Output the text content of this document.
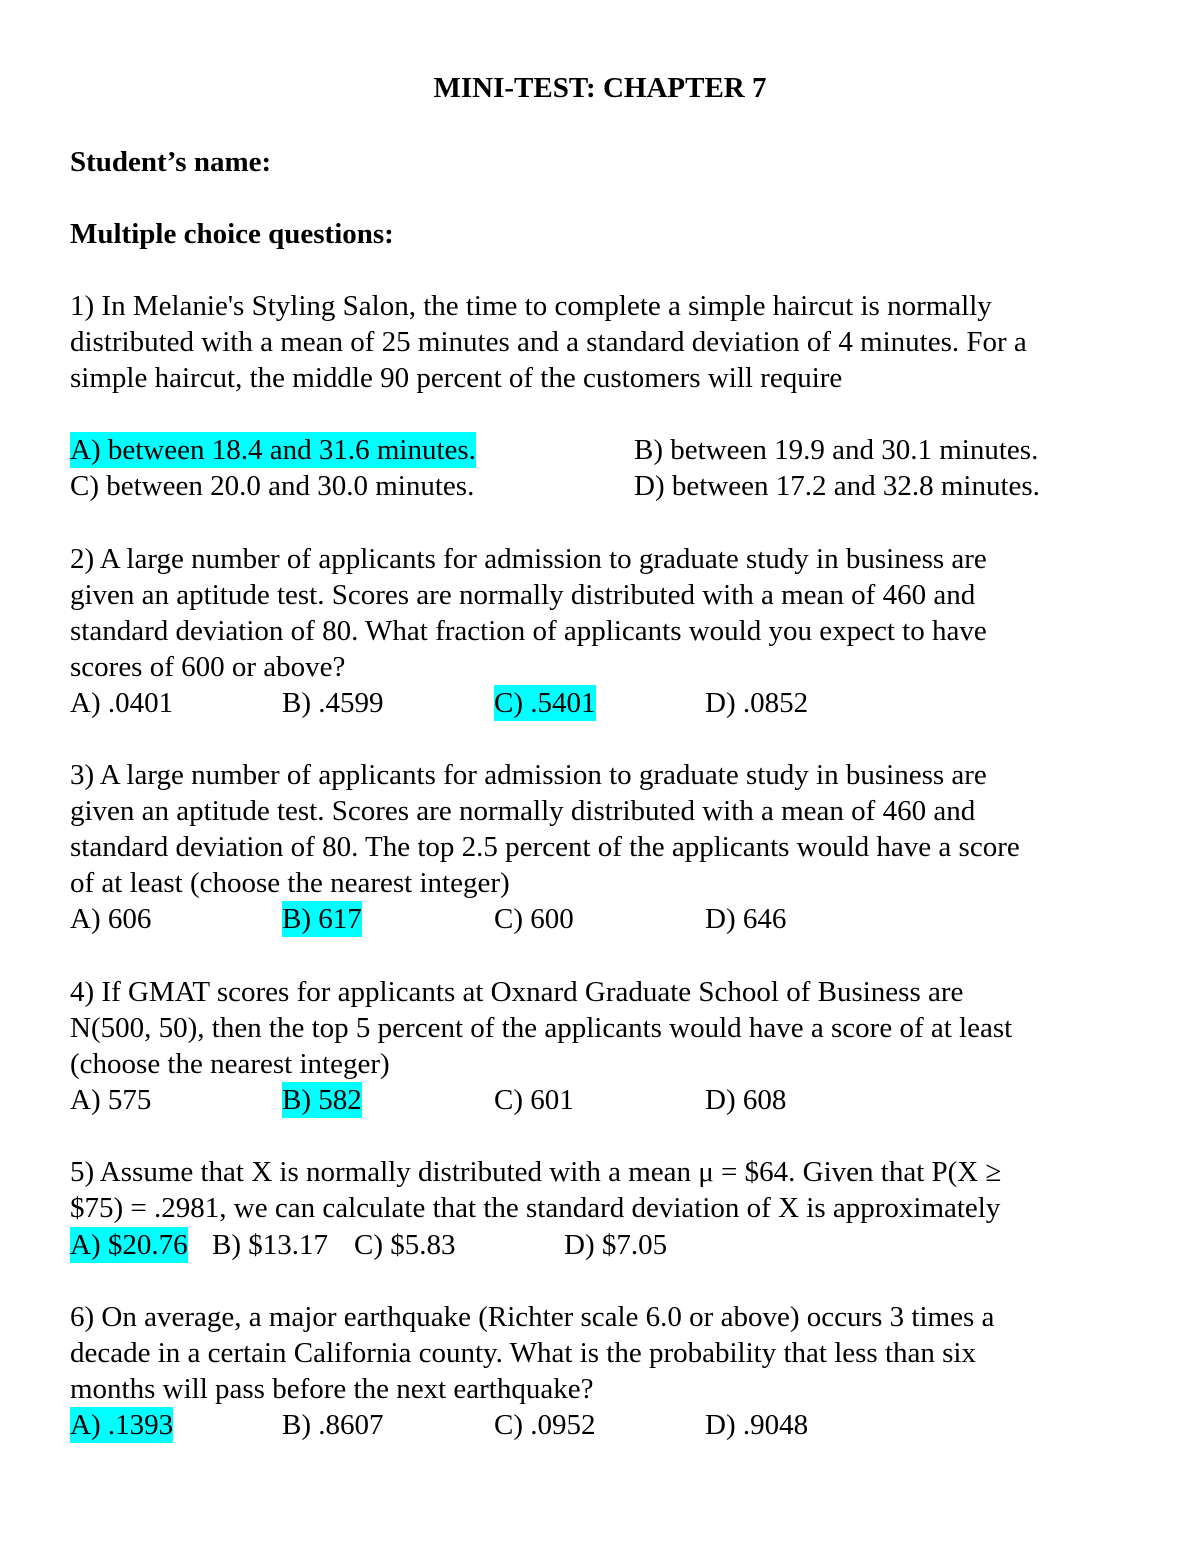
MINI-TEST: CHAPTER 7
Student’s name:
Multiple choice questions:
1) In Melanie's Styling Salon, the time to complete a simple haircut is normally
distributed with a mean of 25 minutes and a standard deviation of 4 minutes. For a
simple haircut, the middle 90 percent of the customers will require
A) between 18.4 and 31.6 minutes.	B) between 19.9 and 30.1 minutes.
C) between 20.0 and 30.0 minutes.	D) between 17.2 and 32.8 minutes.
2) A large number of applicants for admission to graduate study in business are
given an aptitude test. Scores are normally distributed with a mean of 460 and
standard deviation of 80. What fraction of applicants would you expect to have
scores of 600 or above?
A) .0401	B) .4599	C) .5401	D) .0852
3) A large number of applicants for admission to graduate study in business are
given an aptitude test. Scores are normally distributed with a mean of 460 and
standard deviation of 80. The top 2.5 percent of the applicants would have a score
of at least (choose the nearest integer)
A) 606	B) 617	C) 600	D) 646
4) If GMAT scores for applicants at Oxnard Graduate School of Business are
N(500, 50), then the top 5 percent of the applicants would have a score of at least
(choose the nearest integer)
A) 575	B) 582	C) 601	D) 608
5) Assume that X is normally distributed with a mean μ = $64. Given that P(X ≥
$75) = .2981, we can calculate that the standard deviation of X is approximately
A) $20.76 B) $13.17 C) $5.83	D) $7.05
6) On average, a major earthquake (Richter scale 6.0 or above) occurs 3 times a
decade in a certain California county. What is the probability that less than six
months will pass before the next earthquake?
A) .1393	B) .8607	C) .0952	D) .9048
